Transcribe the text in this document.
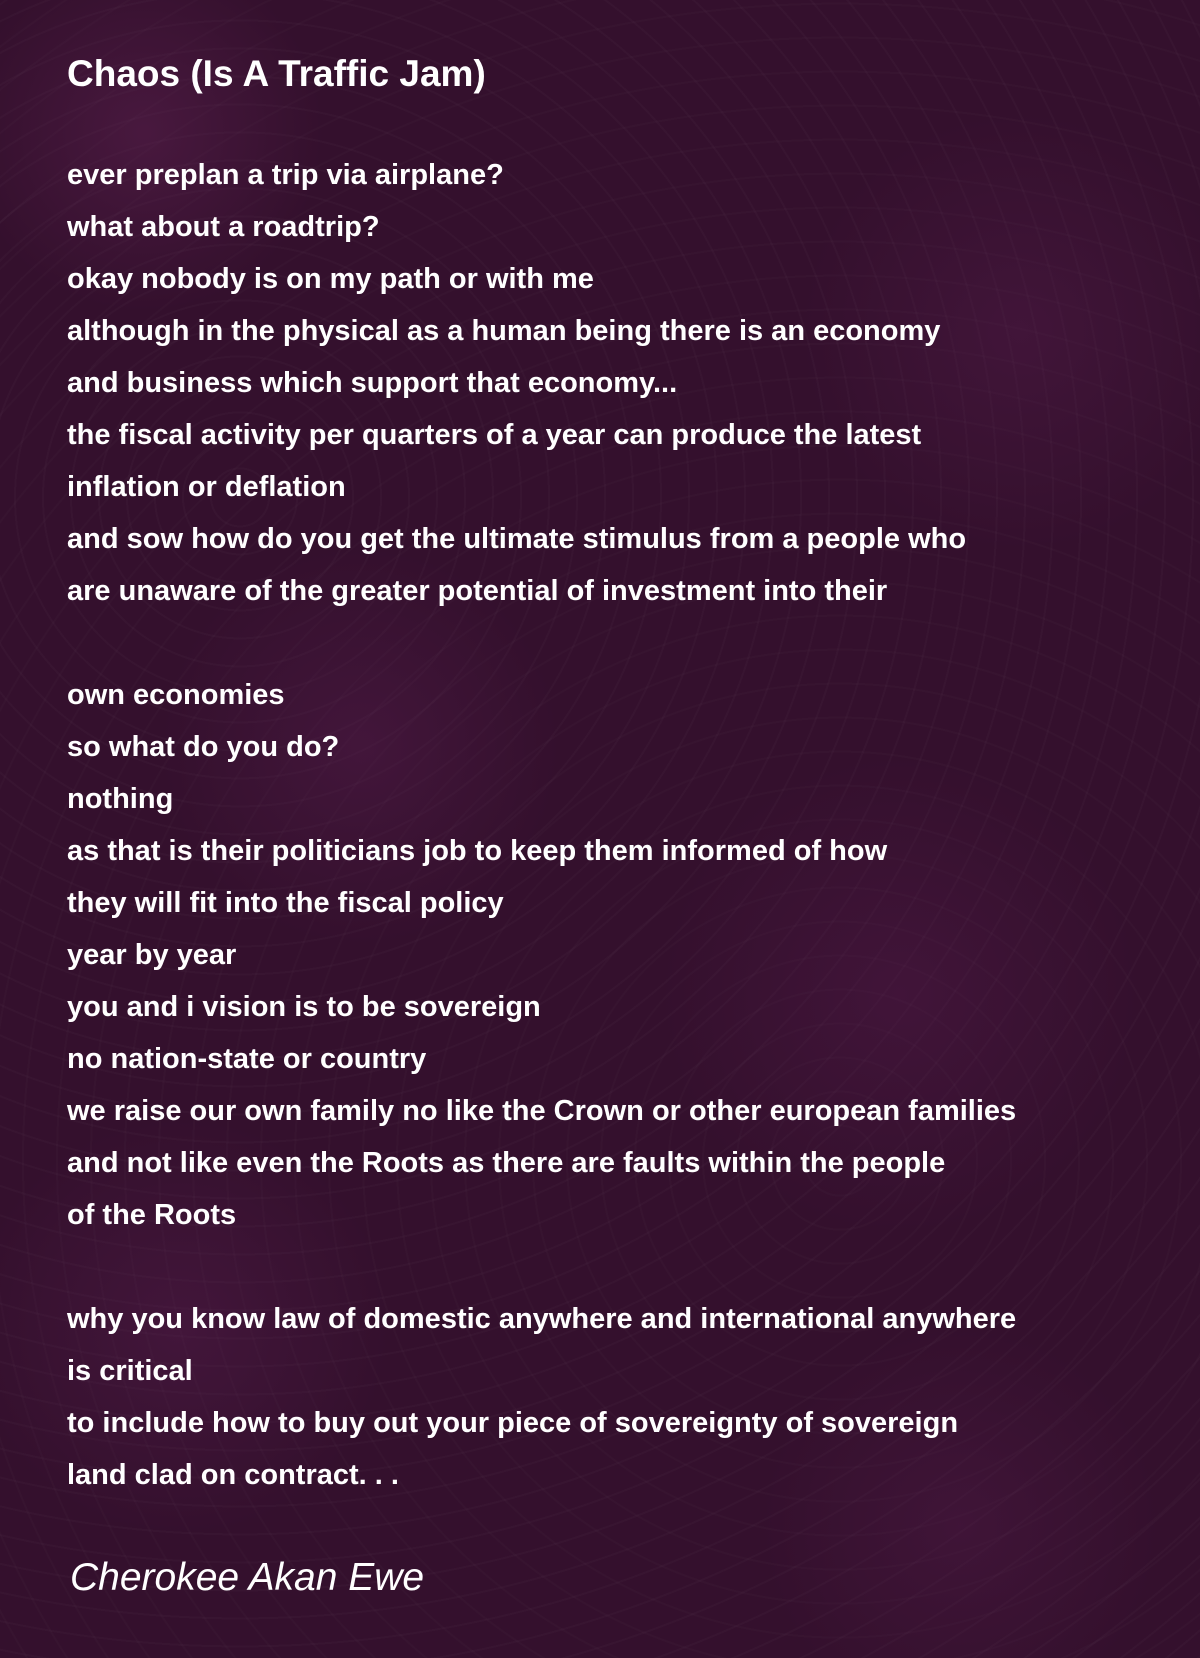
Chaos (Is A Traffic Jam)
ever preplan a trip via airplane?
what about a roadtrip?
okay nobody is on my path or with me
although in the physical as a human being there is an economy
and business which support that economy...
the fiscal activity per quarters of a year can produce the latest
inflation or deflation
and sow how do you get the ultimate stimulus from a people who
are unaware of the greater potential of investment into their
own economies
so what do you do?
nothing
as that is their politicians job to keep them informed of how
they will fit into the fiscal policy
year by year
you and i vision is to be sovereign
no nation-state or country
we raise our own family no like the Crown or other european families
and not like even the Roots as there are faults within the people
of the Roots
why you know law of domestic anywhere and international anywhere
is critical
to include how to buy out your piece of sovereignty of sovereign
land clad on contract. . .
Cherokee Akan Ewe
